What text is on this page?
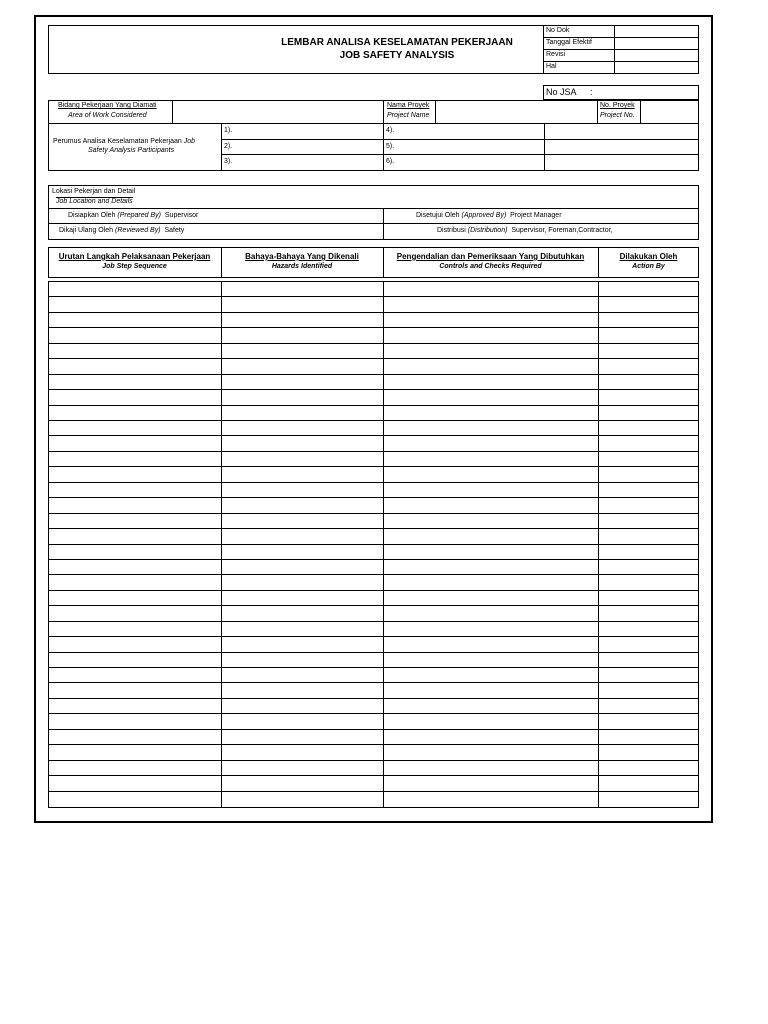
LEMBAR ANALISA KESELAMATAN PEKERJAAN
JOB SAFETY ANALYSIS
No Dok
Tanggal Efektif
Revisi
Hal
No JSA :
Bidang Pekerjaan Yang Diamati
Area of Work Considered
Nama Proyek
Project Name
No. Proyek
Project No.
Perumus Analisa Keselamatan Pekerjaan Job
Safety Analysis Participants
1).
2).
3).
4).
5).
6).
Lokasi Pekerjan dan Detail
Job Location and Details
Disiapkan Oleh (Prepared By) Supervisor	Disetujui Oleh (Approved By) Project Manager
Dikaji Ulang Oleh (Reviewed By) Safety	Distribusi (Distribution) Supervisor, Foreman,Contractor,
Urutan Langkah Pelaksanaan Pekerjaan
Job Step Sequence
Bahaya-Bahaya Yang Dikenali
Hazards Identified
Pengendalian dan Pemeriksaan Yang Dibutuhkan
Controls and Checks Required
Dilakukan Oleh
Action By
